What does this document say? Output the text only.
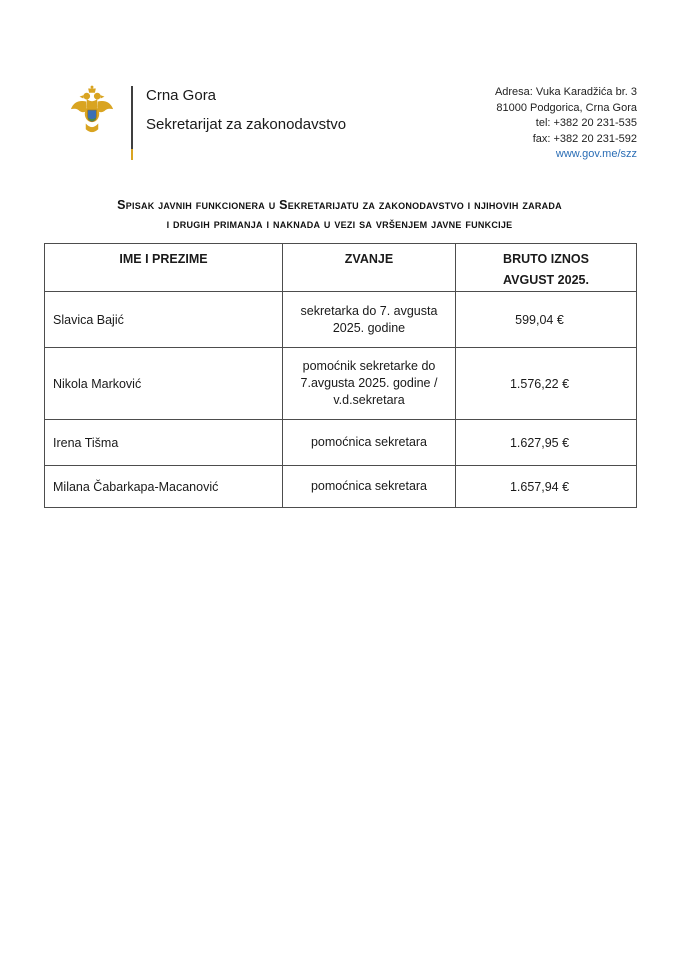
Crna Gora
Sekretarijat za zakonodavstvo
Adresa: Vuka Karadžića br. 3
81000 Podgorica, Crna Gora
tel: +382 20 231-535
fax: +382 20 231-592
www.gov.me/szz
Spisak javnih funkcionera u Sekretarijatu za zakonodavstvo i njihovih zarada
i drugih primanja i naknada u vezi sa vršenjem javne funkcije
IME I PREZIME	ZVANJE	BRUTO IZNOS
AVGUST 2025.

Slavica Bajić	sekretarka do 7. avgusta 2025. godine	599,04 €
Nikola Marković	pomoćnik sekretarke do 7.avgusta 2025. godine / v.d.sekretara	1.576,22 €
Irena Tišma	pomoćnica sekretara	1.627,95 €
Milana Čabarkapa-Macanović	pomoćnica sekretara	1.657,94 €
